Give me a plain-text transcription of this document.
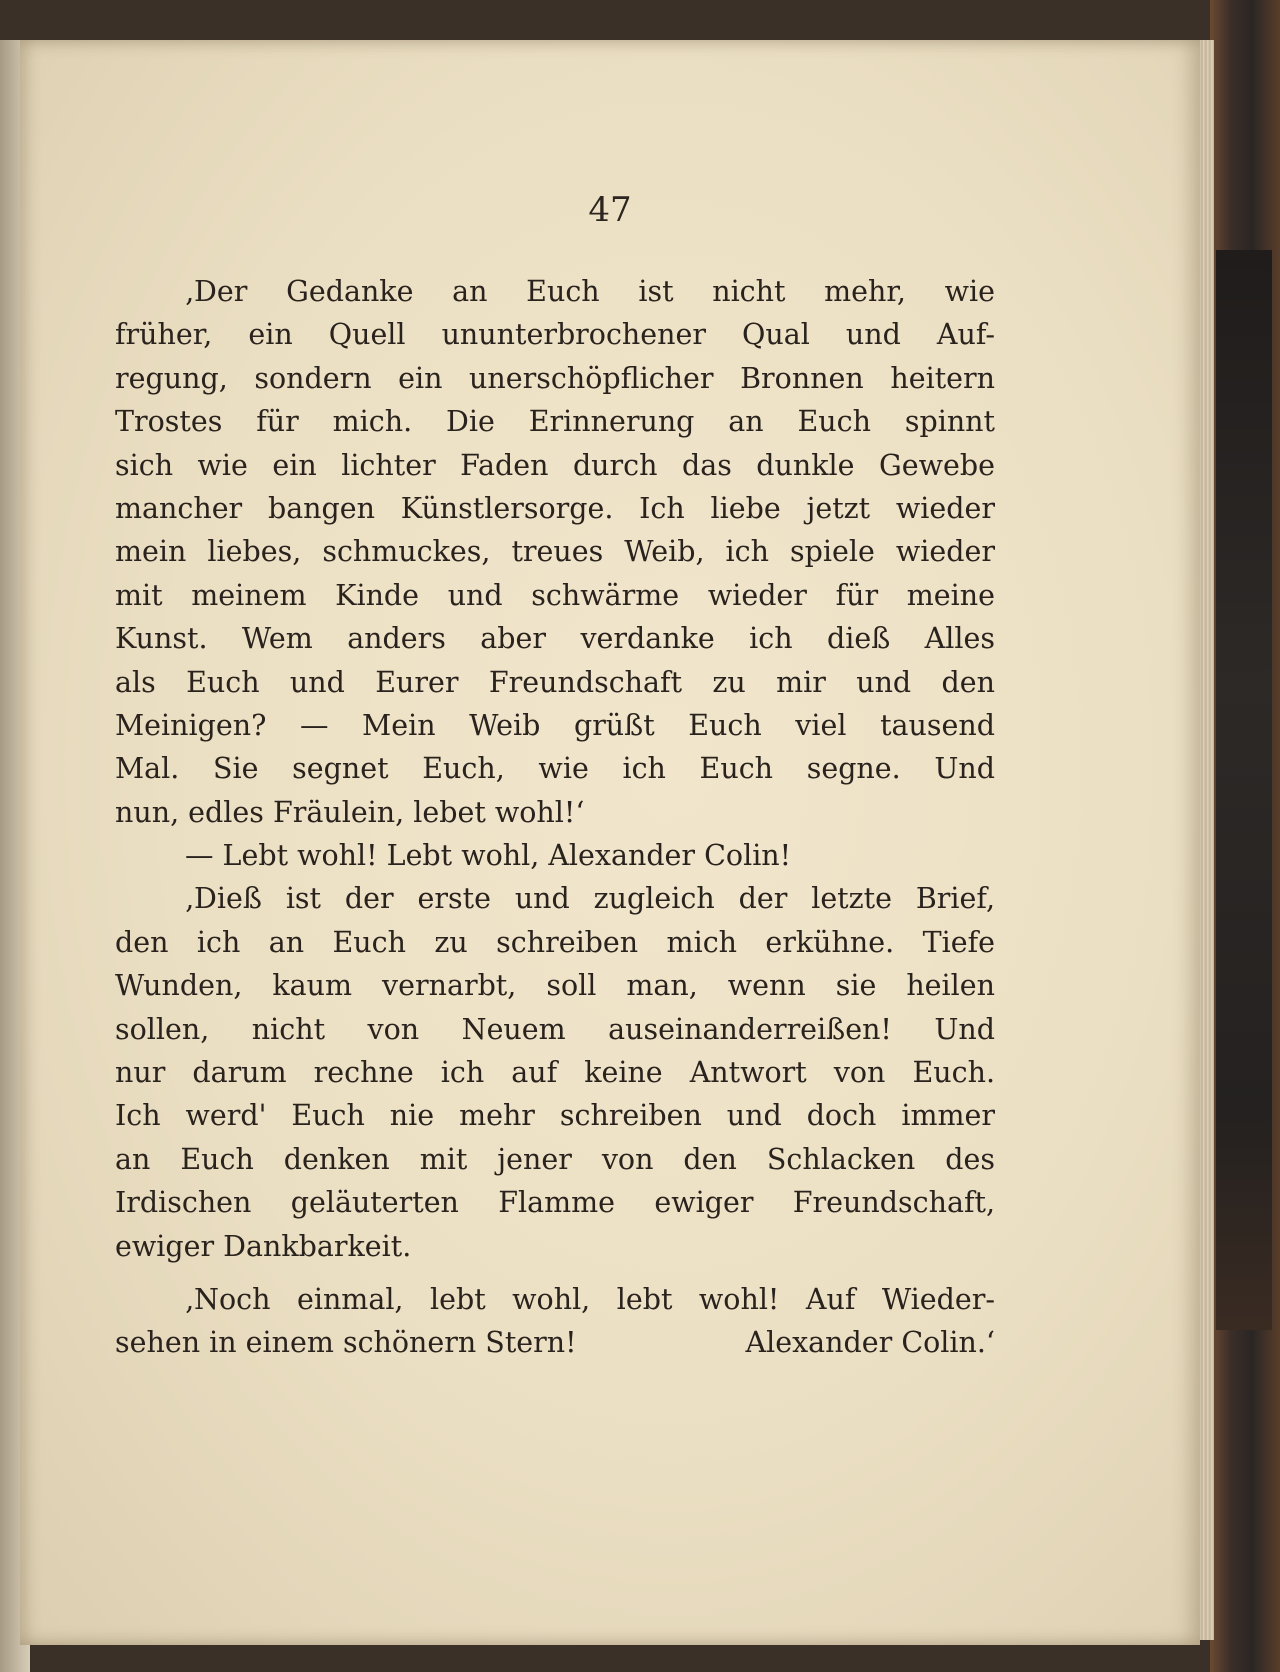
47
‚Der Gedanke an Euch ist nicht mehr, wie
früher, ein Quell ununterbrochener Qual und Auf-
regung, sondern ein unerschöpflicher Bronnen heitern
Trostes für mich. Die Erinnerung an Euch spinnt
sich wie ein lichter Faden durch das dunkle Gewebe
mancher bangen Künstlersorge. Ich liebe jetzt wieder
mein liebes, schmuckes, treues Weib, ich spiele wieder
mit meinem Kinde und schwärme wieder für meine
Kunst. Wem anders aber verdanke ich dieß Alles
als Euch und Eurer Freundschaft zu mir und den
Meinigen? — Mein Weib grüßt Euch viel tausend
Mal. Sie segnet Euch, wie ich Euch segne. Und
nun, edles Fräulein, lebet wohl!‘
— Lebt wohl! Lebt wohl, Alexander Colin!
‚Dieß ist der erste und zugleich der letzte Brief,
den ich an Euch zu schreiben mich erkühne. Tiefe
Wunden, kaum vernarbt, soll man, wenn sie heilen
sollen, nicht von Neuem auseinanderreißen! Und
nur darum rechne ich auf keine Antwort von Euch.
Ich werd' Euch nie mehr schreiben und doch immer
an Euch denken mit jener von den Schlacken des
Irdischen geläuterten Flamme ewiger Freundschaft,
ewiger Dankbarkeit.
‚Noch einmal, lebt wohl, lebt wohl! Auf Wieder-
sehen in einem schönern Stern!	Alexander Colin.‘
